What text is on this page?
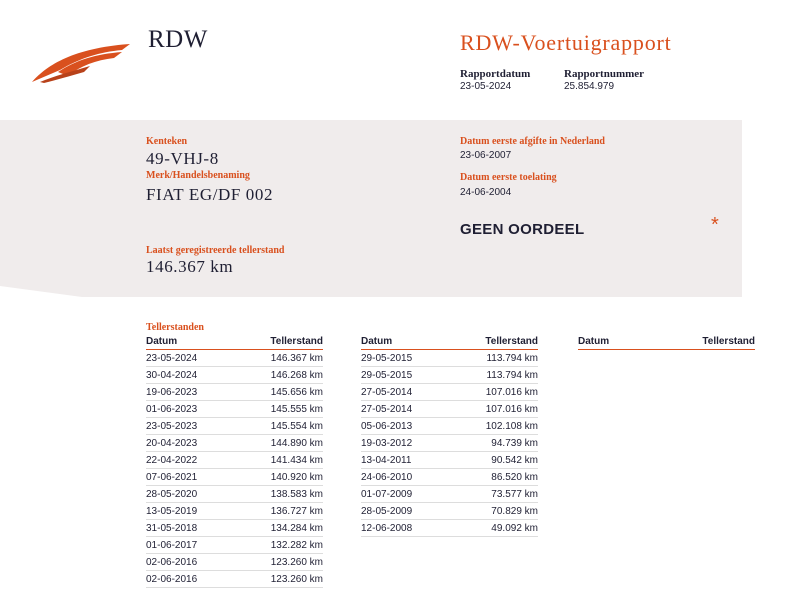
RDW	RDW-Voertuigrapport
Rapportdatum
23-05-2024
Rapportnummer
25.854.979
Kenteken
49-VHJ-8
Merk/Handelsbenaming
FIAT EG/DF 002
Datum eerste afgifte in Nederland
23-06-2007
Datum eerste toelating
24-06-2004
GEEN OORDEEL	*
Laatst geregistreerde tellerstand
146.367 km
Tellerstanden
Datum	Tellerstand
23-05-2024	146.367 km
30-04-2024	146.268 km
19-06-2023	145.656 km
01-06-2023	145.555 km
23-05-2023	145.554 km
20-04-2023	144.890 km
22-04-2022	141.434 km
07-06-2021	140.920 km
28-05-2020	138.583 km
13-05-2019	136.727 km
31-05-2018	134.284 km
01-06-2017	132.282 km
02-06-2016	123.260 km
02-06-2016	123.260 km
Datum	Tellerstand
29-05-2015	113.794 km
29-05-2015	113.794 km
27-05-2014	107.016 km
27-05-2014	107.016 km
05-06-2013	102.108 km
19-03-2012	94.739 km
13-04-2011	90.542 km
24-06-2010	86.520 km
01-07-2009	73.577 km
28-05-2009	70.829 km
12-06-2008	49.092 km
Datum	Tellerstand
